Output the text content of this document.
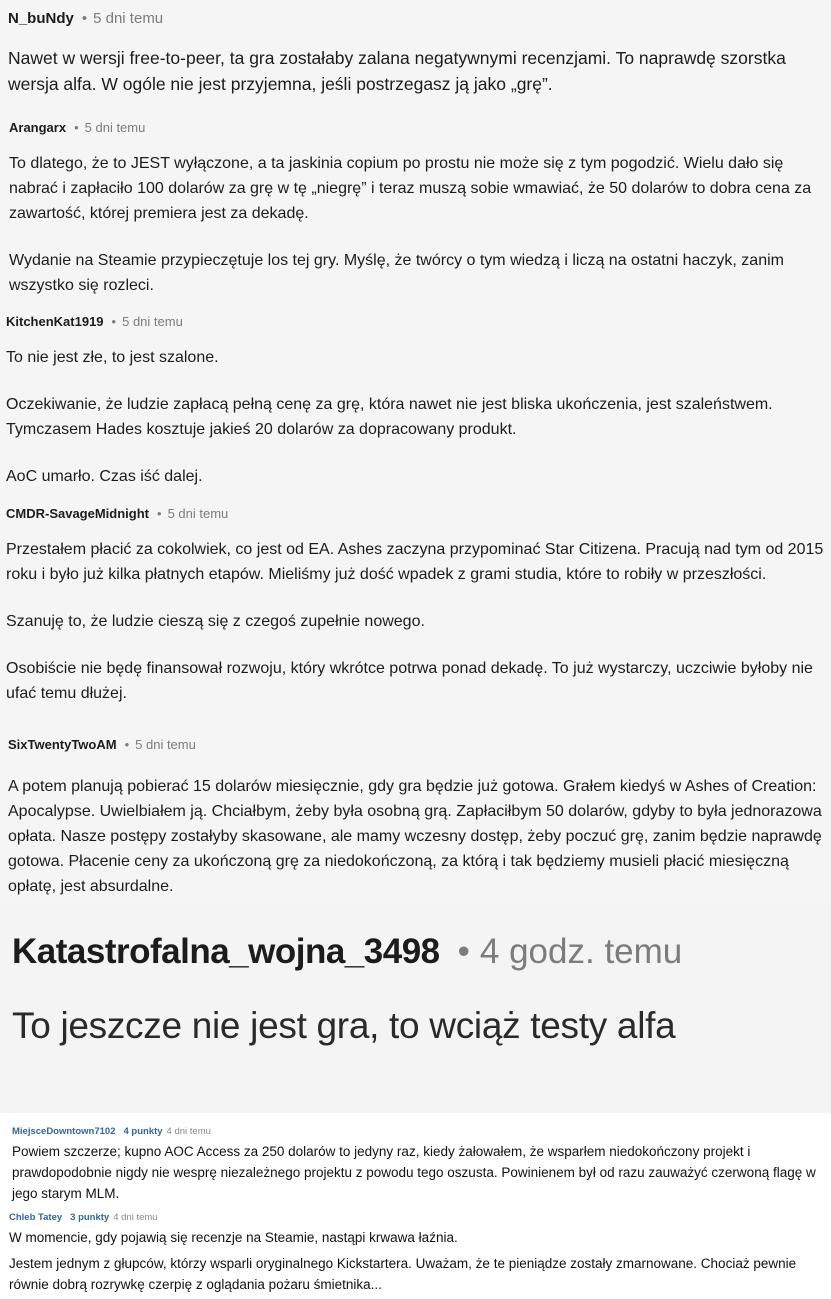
N_buNdy • 5 dni temu

Nawet w wersji free-to-peer, ta gra zostałaby zalana negatywnymi recenzjami. To naprawdę szorstka wersja alfa. W ogóle nie jest przyjemna, jeśli postrzegasz ją jako „grę”.

Arangarx • 5 dni temu

To dlatego, że to JEST wyłączone, a ta jaskinia copium po prostu nie może się z tym pogodzić. Wielu dało się nabrać i zapłaciło 100 dolarów za grę w tę „niegrę” i teraz muszą sobie wmawiać, że 50 dolarów to dobra cena za zawartość, której premiera jest za dekadę.

Wydanie na Steamie przypieczętuje los tej gry. Myślę, że twórcy o tym wiedzą i liczą na ostatni haczyk, zanim wszystko się rozleci.

KitchenKat1919 • 5 dni temu

To nie jest złe, to jest szalone.

Oczekiwanie, że ludzie zapłacą pełną cenę za grę, która nawet nie jest bliska ukończenia, jest szaleństwem. Tymczasem Hades kosztuje jakieś 20 dolarów za dopracowany produkt.

AoC umarło. Czas iść dalej.

CMDR-SavageMidnight • 5 dni temu

Przestałem płacić za cokolwiek, co jest od EA. Ashes zaczyna przypominać Star Citizena. Pracują nad tym od 2015 roku i było już kilka płatnych etapów. Mieliśmy już dość wpadek z grami studia, które to robiły w przeszłości.

Szanuję to, że ludzie cieszą się z czegoś zupełnie nowego.

Osobiście nie będę finansował rozwoju, który wkrótce potrwa ponad dekadę. To już wystarczy, uczciwie byłoby nie ufać temu dłużej.

SixTwentyTwoAM • 5 dni temu

A potem planują pobierać 15 dolarów miesięcznie, gdy gra będzie już gotowa. Grałem kiedyś w Ashes of Creation: Apocalypse. Uwielbiałem ją. Chciałbym, żeby była osobną grą. Zapłaciłbym 50 dolarów, gdyby to była jednorazowa opłata. Nasze postępy zostałyby skasowane, ale mamy wczesny dostęp, żeby poczuć grę, zanim będzie naprawdę gotowa. Płacenie ceny za ukończoną grę za niedokończoną, za którą i tak będziemy musieli płacić miesięczną opłatę, jest absurdalne.

Katastrofalna_wojna_3498 • 4 godz. temu

To jeszcze nie jest gra, to wciąż testy alfa

MiejsceDowntown7102 4 punkty 4 dni temu

Powiem szczerze; kupno AOC Access za 250 dolarów to jedyny raz, kiedy żałowałem, że wsparłem niedokończony projekt i prawdopodobnie nigdy nie wesprę niezależnego projektu z powodu tego oszusta. Powinienem był od razu zauważyć czerwoną flagę w jego starym MLM.

Chleb Tatey 3 punkty 4 dni temu

W momencie, gdy pojawią się recenzje na Steamie, nastąpi krwawa łaźnia.

Jestem jednym z głupców, którzy wsparli oryginalnego Kickstartera. Uważam, że te pieniądze zostały zmarnowane. Chociaż pewnie równie dobrą rozrywkę czerpię z oglądania pożaru śmietnika...
